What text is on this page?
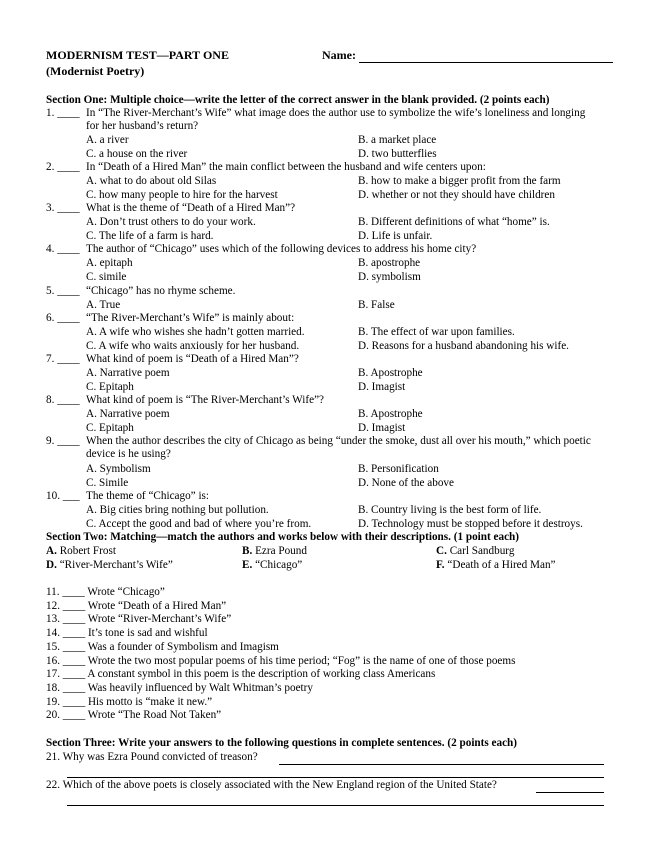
MODERNISM TEST—PART ONE
(Modernist Poetry)
Name:
Section One: Multiple choice—write the letter of the correct answer in the blank provided. (2 points each)
1. ____ In “The River-Merchant’s Wife” what image does the author use to symbolize the wife’s loneliness and longing for her husband’s return?
A. a river	B. a market place
C. a house on the river	D. two butterflies
2. ____ In “Death of a Hired Man” the main conflict between the husband and wife centers upon:
A. what to do about old Silas	B. how to make a bigger profit from the farm
C. how many people to hire for the harvest	D. whether or not they should have children
3. ____ What is the theme of “Death of a Hired Man”?
A. Don’t trust others to do your work.	B. Different definitions of what “home” is.
C. The life of a farm is hard.	D. Life is unfair.
4. ____ The author of “Chicago” uses which of the following devices to address his home city?
A. epitaph	B. apostrophe
C. simile	D. symbolism
5. ____ “Chicago” has no rhyme scheme.
A. True	B. False
6. ____ “The River-Merchant’s Wife” is mainly about:
A. A wife who wishes she hadn’t gotten married.	B. The effect of war upon families.
C. A wife who waits anxiously for her husband.	D. Reasons for a husband abandoning his wife.
7. ____ What kind of poem is “Death of a Hired Man”?
A. Narrative poem	B. Apostrophe
C. Epitaph	D. Imagist
8. ____ What kind of poem is “The River-Merchant’s Wife”?
A. Narrative poem	B. Apostrophe
C. Epitaph	D. Imagist
9. ____ When the author describes the city of Chicago as being “under the smoke, dust all over his mouth,” which poetic device is he using?
A. Symbolism	B. Personification
C. Simile	D. None of the above
10. ___ The theme of “Chicago” is:
A. Big cities bring nothing but pollution.	B. Country living is the best form of life.
C. Accept the good and bad of where you’re from.	D. Technology must be stopped before it destroys.
Section Two: Matching—match the authors and works below with their descriptions. (1 point each)
A. Robert Frost	B. Ezra Pound	C. Carl Sandburg
D. “River-Merchant’s Wife”	E. “Chicago”	F. “Death of a Hired Man”
11. ____ Wrote “Chicago”
12. ____ Wrote “Death of a Hired Man”
13. ____ Wrote “River-Merchant’s Wife”
14. ____ It’s tone is sad and wishful
15. ____ Was a founder of Symbolism and Imagism
16. ____ Wrote the two most popular poems of his time period; “Fog” is the name of one of those poems
17. ____ A constant symbol in this poem is the description of working class Americans
18. ____ Was heavily influenced by Walt Whitman’s poetry
19. ____ His motto is “make it new.”
20. ____ Wrote “The Road Not Taken”
Section Three: Write your answers to the following questions in complete sentences. (2 points each)
21. Why was Ezra Pound convicted of treason?
22. Which of the above poets is closely associated with the New England region of the United State?
